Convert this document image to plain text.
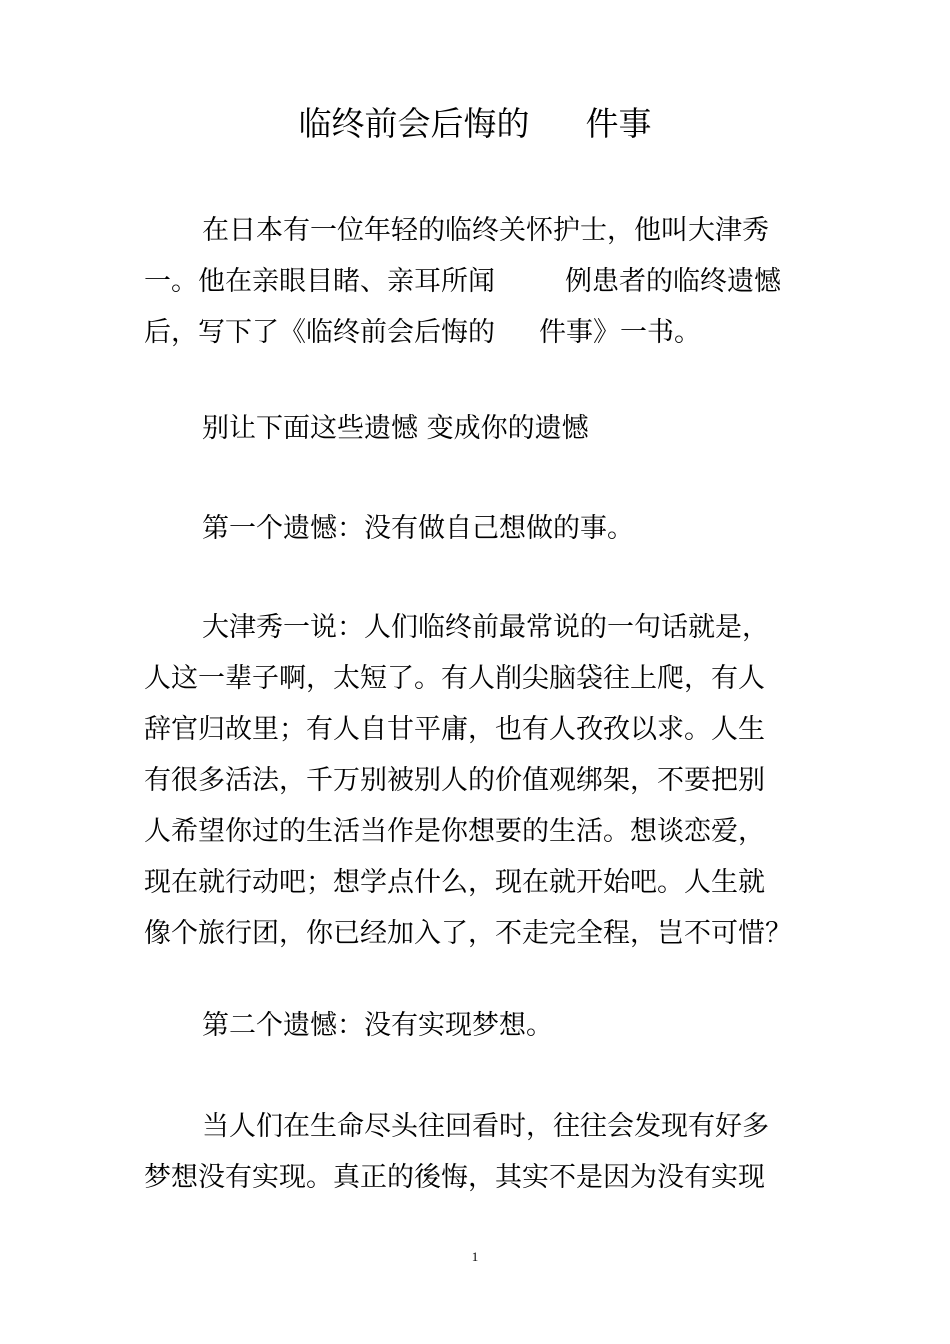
临终前会后悔的 件事

在日本有一位年轻的临终关怀护士，他叫大津秀
一。他在亲眼目睹、亲耳所闻	例患者的临终遗憾
后，写下了《临终前会后悔的 件事》一书。

别让下面这些遗憾 变成你的遗憾

第一个遗憾：没有做自己想做的事。

大津秀一说：人们临终前最常说的一句话就是，
人这一辈子啊，太短了。有人削尖脑袋往上爬，有人
辞官归故里；有人自甘平庸，也有人孜孜以求。人生
有很多活法，千万别被别人的价值观绑架，不要把别
人希望你过的生活当作是你想要的生活。想谈恋爱，
现在就行动吧；想学点什么，现在就开始吧。人生就
像个旅行团，你已经加入了，不走完全程，岂不可惜？

第二个遗憾：没有实现梦想。

当人们在生命尽头往回看时，往往会发现有好多
梦想没有实现。真正的後悔，其实不是因为没有实现

1
